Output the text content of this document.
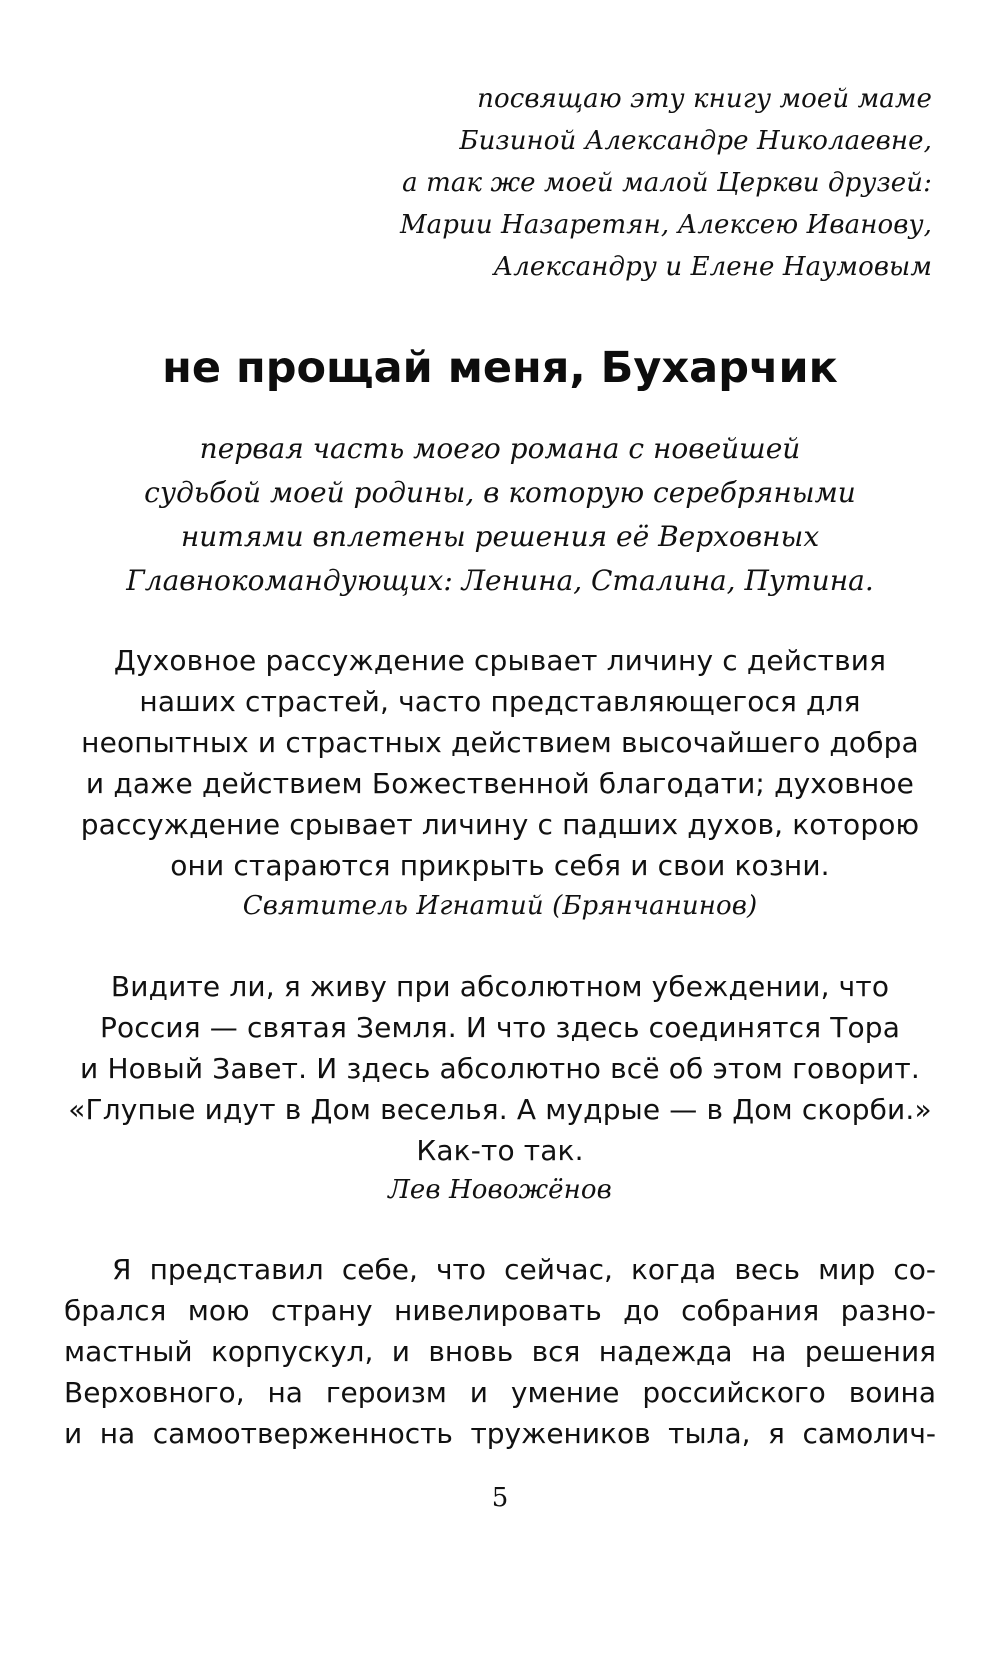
посвящаю эту книгу моей маме

Бизиной Александре Николаевне,

а так же моей малой Церкви друзей:

Марии Назаретян, Алексею Иванову,

Александру и Елене Наумовым

не прощай меня, Бухарчик

первая часть моего романа с новейшей

судьбой моей родины, в которую серебряными

нитями вплетены решения её Верховных

Главнокомандующих: Ленина, Сталина, Путина.

Духовное рассуждение срывает личину с действия

наших страстей, часто представляющегося для

неопытных и страстных действием высочайшего добра

и даже действием Божественной благодати; духовное

рассуждение срывает личину с падших духов, которою

они стараются прикрыть себя и свои козни.

Святитель Игнатий (Брянчанинов)

Видите ли, я живу при абсолютном убеждении, что

Россия — святая Земля. И что здесь соединятся Тора

и Новый Завет. И здесь абсолютно всё об этом говорит.

«Глупые идут в Дом веселья. А мудрые — в Дом скорби.»

Как-то так.

Лев Новожёнов

Я представил себе, что сейчас, когда весь мир со-
брался мою страну нивелировать до собрания разно-
мастный корпускул, и вновь вся надежда на решения
Верховного, на героизм и умение российского воина
и на самоотверженность тружеников тыла, я самолич-
5
